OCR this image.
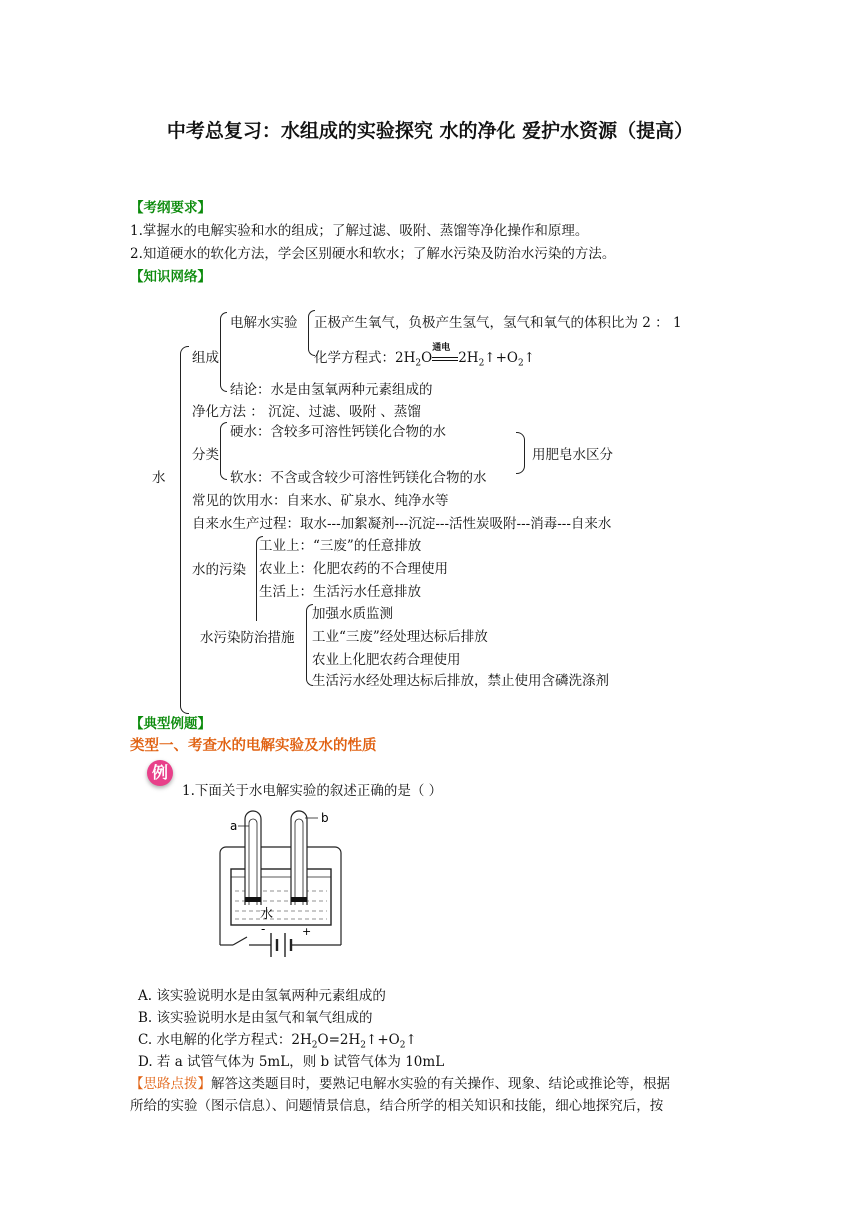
中考总复习：水组成的实验探究 水的净化 爱护水资源（提高）
【考纲要求】
1.掌握水的电解实验和水的组成；了解过滤、吸附、蒸馏等净化操作和原理。
2.知道硬水的软化方法，学会区别硬水和软水；了解水污染及防治水污染的方法。
【知识网络】
水
组成
电解水实验 正极产生氧气，负极产生氢气，氢气和氧气的体积比为 2 ： 1
化学方程式：$2H_2O$
通电
$2H_2↑+O_2↑$
结论：水是由氢氧两种元素组成的
净化方法 ： 沉淀、过滤、吸附 、蒸馏
分类
硬水：含较多可溶性钙镁化合物的水
软水：不含或含较少可溶性钙镁化合物的水
用肥皂水区分
常见的饮用水：自来水、矿泉水、纯净水等
自来水生产过程：取水---加絮凝剂---沉淀---活性炭吸附---消毒---自来水
水的污染
工业上：“三废”的任意排放
农业上：化肥农药的不合理使用
生活上：生活污水任意排放
水污染防治措施
加强水质监测
工业“三废”经处理达标后排放
农业上化肥农药合理使用
生活污水经处理达标后排放，禁止使用含磷洗涤剂
【典型例题】
类型一、考查水的电解实验及水的性质
例
1.下面关于水电解实验的叙述正确的是（ ）
水
a
b
-	+
A. 该实验说明水是由氢氧两种元素组成的
B. 该实验说明水是由氢气和氧气组成的
C. 水电解的化学方程式：$2H_2O=2H_2↑+O_2↑$
D. 若 a 试管气体为 5mL，则 b 试管气体为 10mL
【思路点拨】解答这类题目时，要熟记电解水实验的有关操作、现象、结论或推论等，根据
所给的实验（图示信息）、问题情景信息，结合所学的相关知识和技能，细心地探究后，按
